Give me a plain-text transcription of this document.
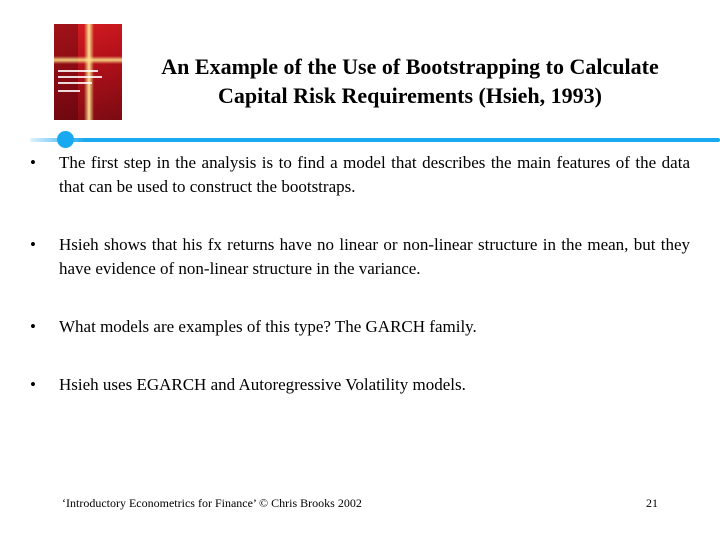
An Example of the Use of Bootstrapping to Calculate
Capital Risk Requirements (Hsieh, 1993)
• The first step in the analysis is to find a model that describes the main features of the data that can be used to construct the bootstraps.
• Hsieh shows that his fx returns have no linear or non-linear structure in the mean, but they have evidence of non-linear structure in the variance.
• What models are examples of this type? The GARCH family.
• Hsieh uses EGARCH and Autoregressive Volatility models.
‘Introductory Econometrics for Finance’ © Chris Brooks 2002	21
